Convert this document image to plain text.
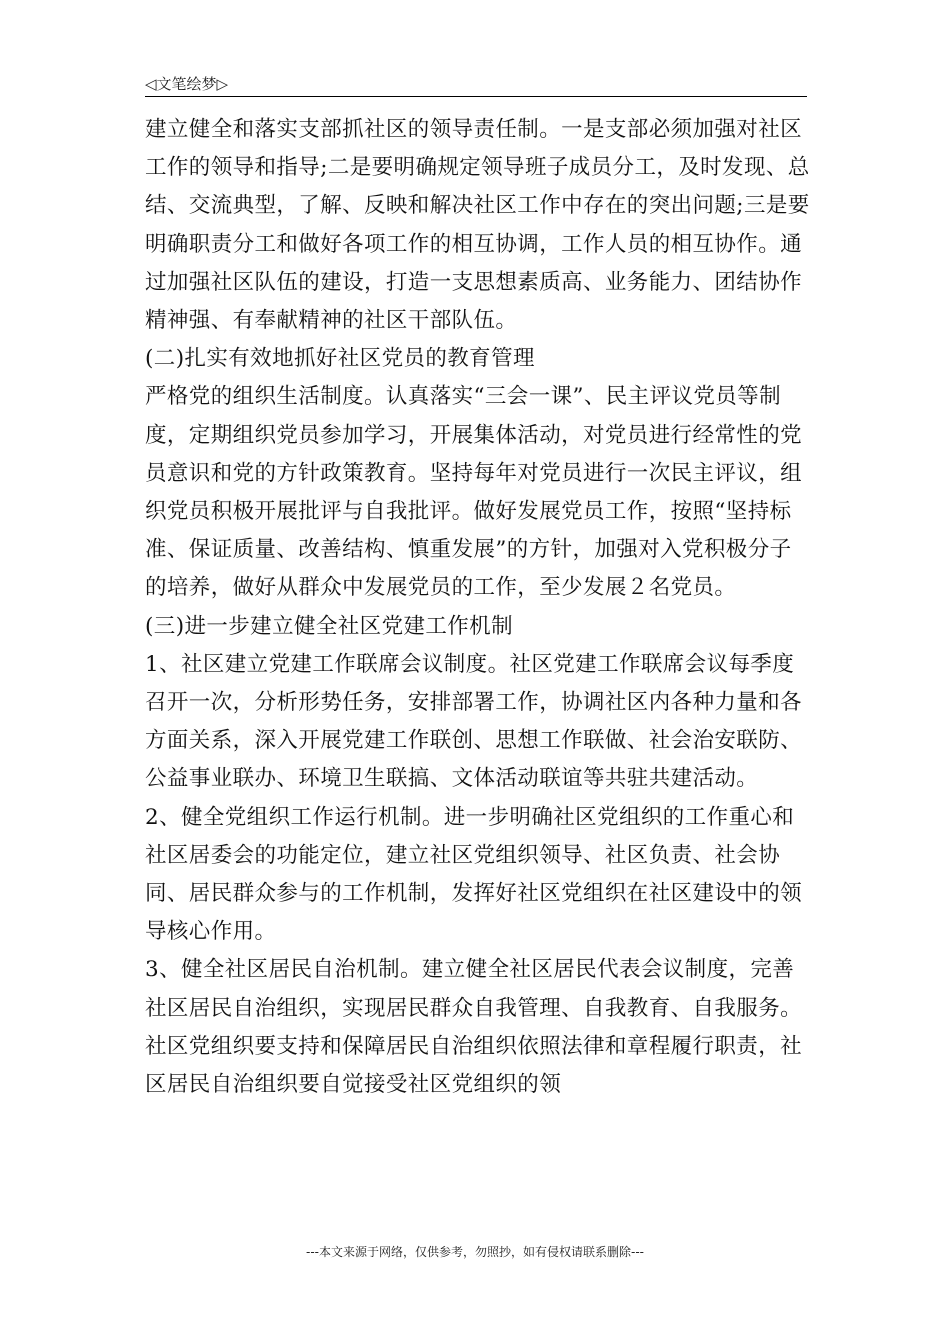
◁文笔绘梦▷

建立健全和落实支部抓社区的领导责任制。一是支部必须加强对社区工作的领导和指导;二是要明确规定领导班子成员分工，及时发现、总结、交流典型，了解、反映和解决社区工作中存在的突出问题;三是要明确职责分工和做好各项工作的相互协调，工作人员的相互协作。通过加强社区队伍的建设，打造一支思想素质高、业务能力、团结协作精神强、有奉献精神的社区干部队伍。

(二)扎实有效地抓好社区党员的教育管理

严格党的组织生活制度。认真落实“三会一课”、民主评议党员等制度，定期组织党员参加学习，开展集体活动，对党员进行经常性的党员意识和党的方针政策教育。坚持每年对党员进行一次民主评议，组织党员积极开展批评与自我批评。做好发展党员工作，按照“坚持标准、保证质量、改善结构、慎重发展”的方针，加强对入党积极分子的培养，做好从群众中发展党员的工作，至少发展２名党员。

(三)进一步建立健全社区党建工作机制

1、社区建立党建工作联席会议制度。社区党建工作联席会议每季度召开一次，分析形势任务，安排部署工作，协调社区内各种力量和各方面关系，深入开展党建工作联创、思想工作联做、社会治安联防、公益事业联办、环境卫生联搞、文体活动联谊等共驻共建活动。

2、健全党组织工作运行机制。进一步明确社区党组织的工作重心和社区居委会的功能定位，建立社区党组织领导、社区负责、社会协同、居民群众参与的工作机制，发挥好社区党组织在社区建设中的领导核心作用。

3、健全社区居民自治机制。建立健全社区居民代表会议制度，完善社区居民自治组织，实现居民群众自我管理、自我教育、自我服务。社区党组织要支持和保障居民自治组织依照法律和章程履行职责，社区居民自治组织要自觉接受社区党组织的领

---本文来源于网络，仅供参考，勿照抄，如有侵权请联系删除---
